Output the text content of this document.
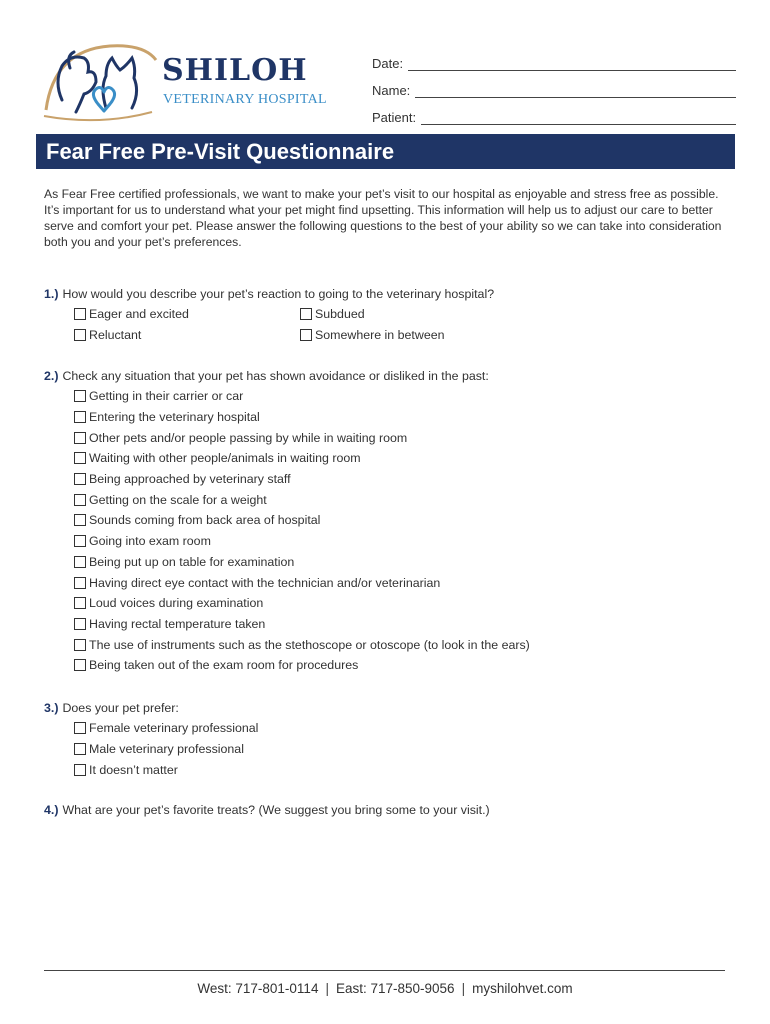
SHILOH
VETERINARY HOSPITAL
Date:
Name:
Patient:
Fear Free Pre-Visit Questionnaire
As Fear Free certified professionals, we want to make your pet’s visit to our hospital as enjoyable and stress free as possible. It’s important for us to understand what your pet might find upsetting. This information will help us to adjust our care to better serve and comfort your pet. Please answer the following questions to the best of your ability so we can take into consideration both you and your pet’s preferences.
1.) How would you describe your pet’s reaction to going to the veterinary hospital?
Eager and excited	Subdued
Reluctant	Somewhere in between
2.) Check any situation that your pet has shown avoidance or disliked in the past:
Getting in their carrier or car
Entering the veterinary hospital
Other pets and/or people passing by while in waiting room
Waiting with other people/animals in waiting room
Being approached by veterinary staff
Getting on the scale for a weight
Sounds coming from back area of hospital
Going into exam room
Being put up on table for examination
Having direct eye contact with the technician and/or veterinarian
Loud voices during examination
Having rectal temperature taken
The use of instruments such as the stethoscope or otoscope (to look in the ears)
Being taken out of the exam room for procedures
3.) Does your pet prefer:
Female veterinary professional
Male veterinary professional
It doesn’t matter
4.) What are your pet’s favorite treats? (We suggest you bring some to your visit.)
West: 717-801-0114 | East: 717-850-9056 | myshilohvet.com
